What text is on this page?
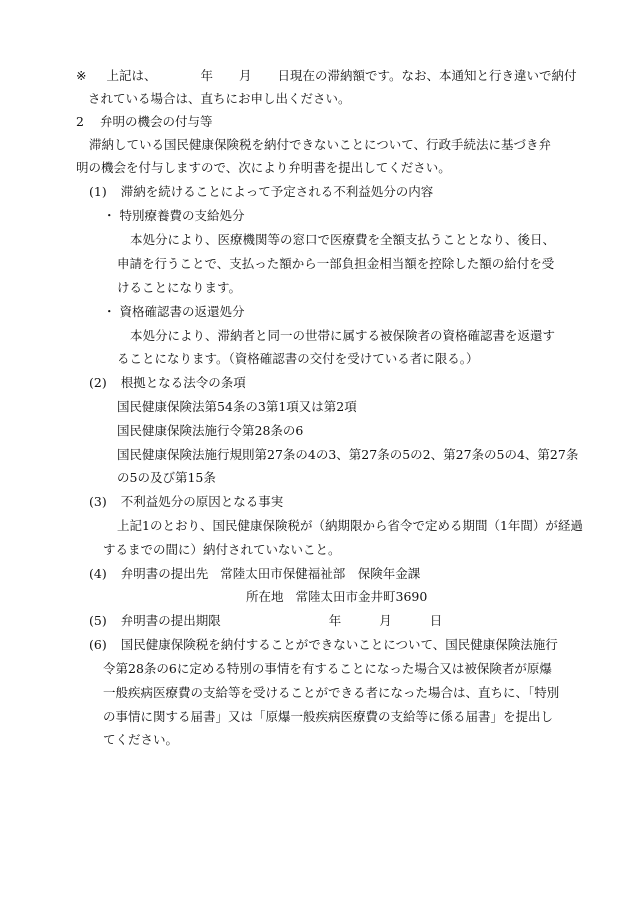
※ 上記は、	年 月 日現在の滞納額です。なお、本通知と行き違いで納付
されている場合は、直ちにお申し出ください。
2 弁明の機会の付与等
滞納している国民健康保険税を納付できないことについて、行政手続法に基づき弁
明の機会を付与しますので、次により弁明書を提出してください。
(1) 滞納を続けることによって予定される不利益処分の内容
・ 特別療養費の支給処分
本処分により、医療機関等の窓口で医療費を全額支払うこととなり、後日、
申請を行うことで、支払った額から一部負担金相当額を控除した額の給付を受
けることになります。
・ 資格確認書の返還処分
本処分により、滞納者と同一の世帯に属する被保険者の資格確認書を返還す
ることになります。（資格確認書の交付を受けている者に限る。）
(2) 根拠となる法令の条項
国民健康保険法第54条の3第1項又は第2項
国民健康保険法施行令第28条の6
国民健康保険法施行規則第27条の4の3、第27条の5の2、第27条の5の4、第27条
の5の及び第15条
(3) 不利益処分の原因となる事実
上記1のとおり、国民健康保険税が（納期限から省令で定める期間（1年間）が経過
するまでの間に）納付されていないこと。
(4) 弁明書の提出先 常陸太田市保健福祉部　保険年金課
所在地 常陸太田市金井町3690
(5) 弁明書の提出期限	年	月	日
(6) 国民健康保険税を納付することができないことについて、国民健康保険法施行
令第28条の6に定める特別の事情を有することになった場合又は被保険者が原爆
一般疾病医療費の支給等を受けることができる者になった場合は、直ちに、「特別
の事情に関する届書」又は「原爆一般疾病医療費の支給等に係る届書」を提出し
てください。
